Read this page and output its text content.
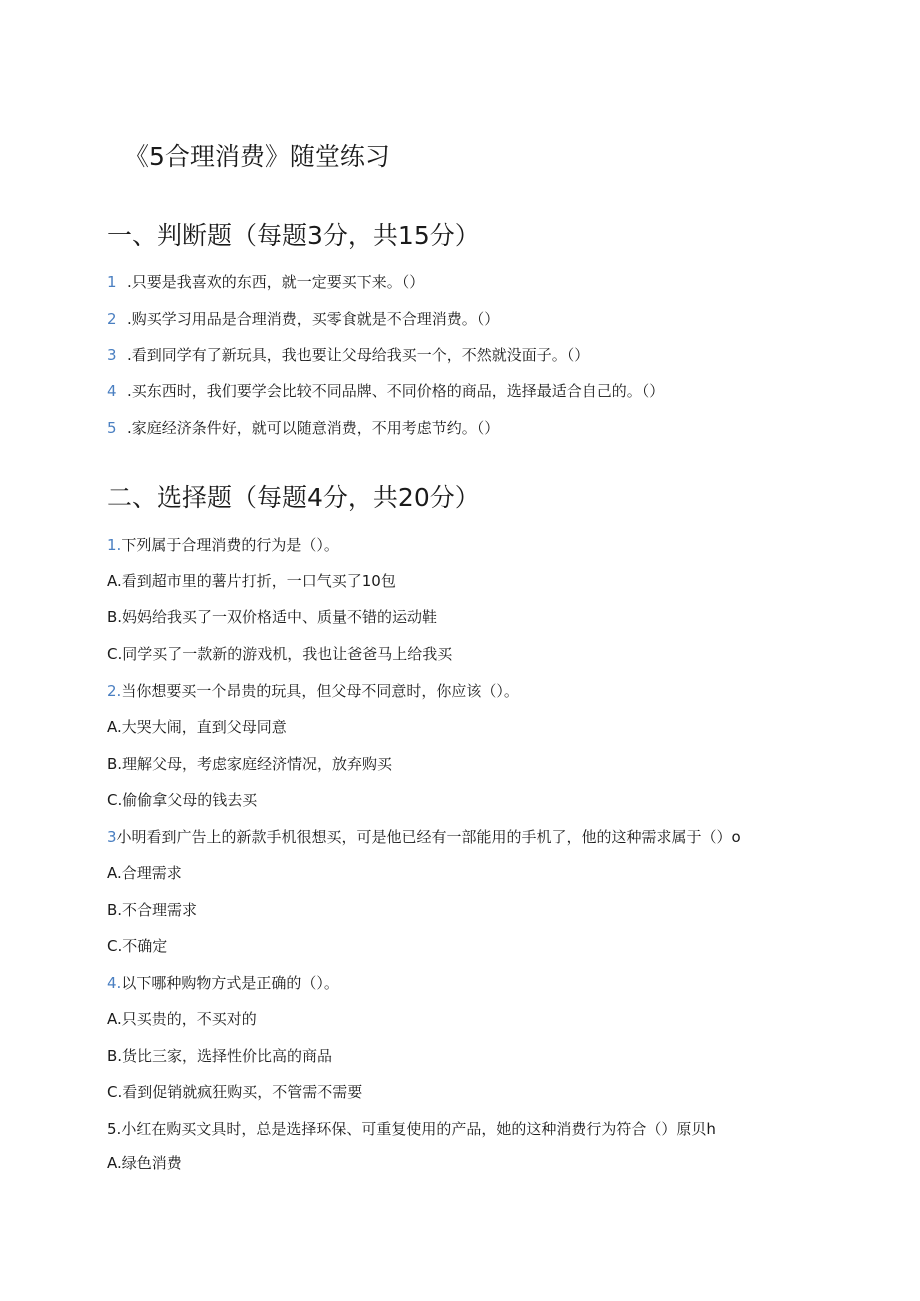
《5合理消费》随堂练习
一、判断题（每题3分，共15分）
1 .只要是我喜欢的东西，就一定要买下来。（）
2 .购买学习用品是合理消费，买零食就是不合理消费。（）
3 .看到同学有了新玩具，我也要让父母给我买一个，不然就没面子。（）
4 .买东西时，我们要学会比较不同品牌、不同价格的商品，选择最适合自己的。（）
5 .家庭经济条件好，就可以随意消费，不用考虑节约。（）
二、选择题（每题4分，共20分）
1.下列属于合理消费的行为是（）。
A.看到超市里的薯片打折，一口气买了10包
B.妈妈给我买了一双价格适中、质量不错的运动鞋
C.同学买了一款新的游戏机，我也让爸爸马上给我买
2.当你想要买一个昂贵的玩具，但父母不同意时，你应该（）。
A.大哭大闹，直到父母同意
B.理解父母，考虑家庭经济情况，放弃购买
C.偷偷拿父母的钱去买
3小明看到广告上的新款手机很想买，可是他已经有一部能用的手机了，他的这种需求属于（）o
A.合理需求
B.不合理需求
C.不确定
4.以下哪种购物方式是正确的（）。
A.只买贵的，不买对的
B.货比三家，选择性价比高的商品
C.看到促销就疯狂购买，不管需不需要
5.小红在购买文具时，总是选择环保、可重复使用的产品，她的这种消费行为符合（）原贝h
A.绿色消费
